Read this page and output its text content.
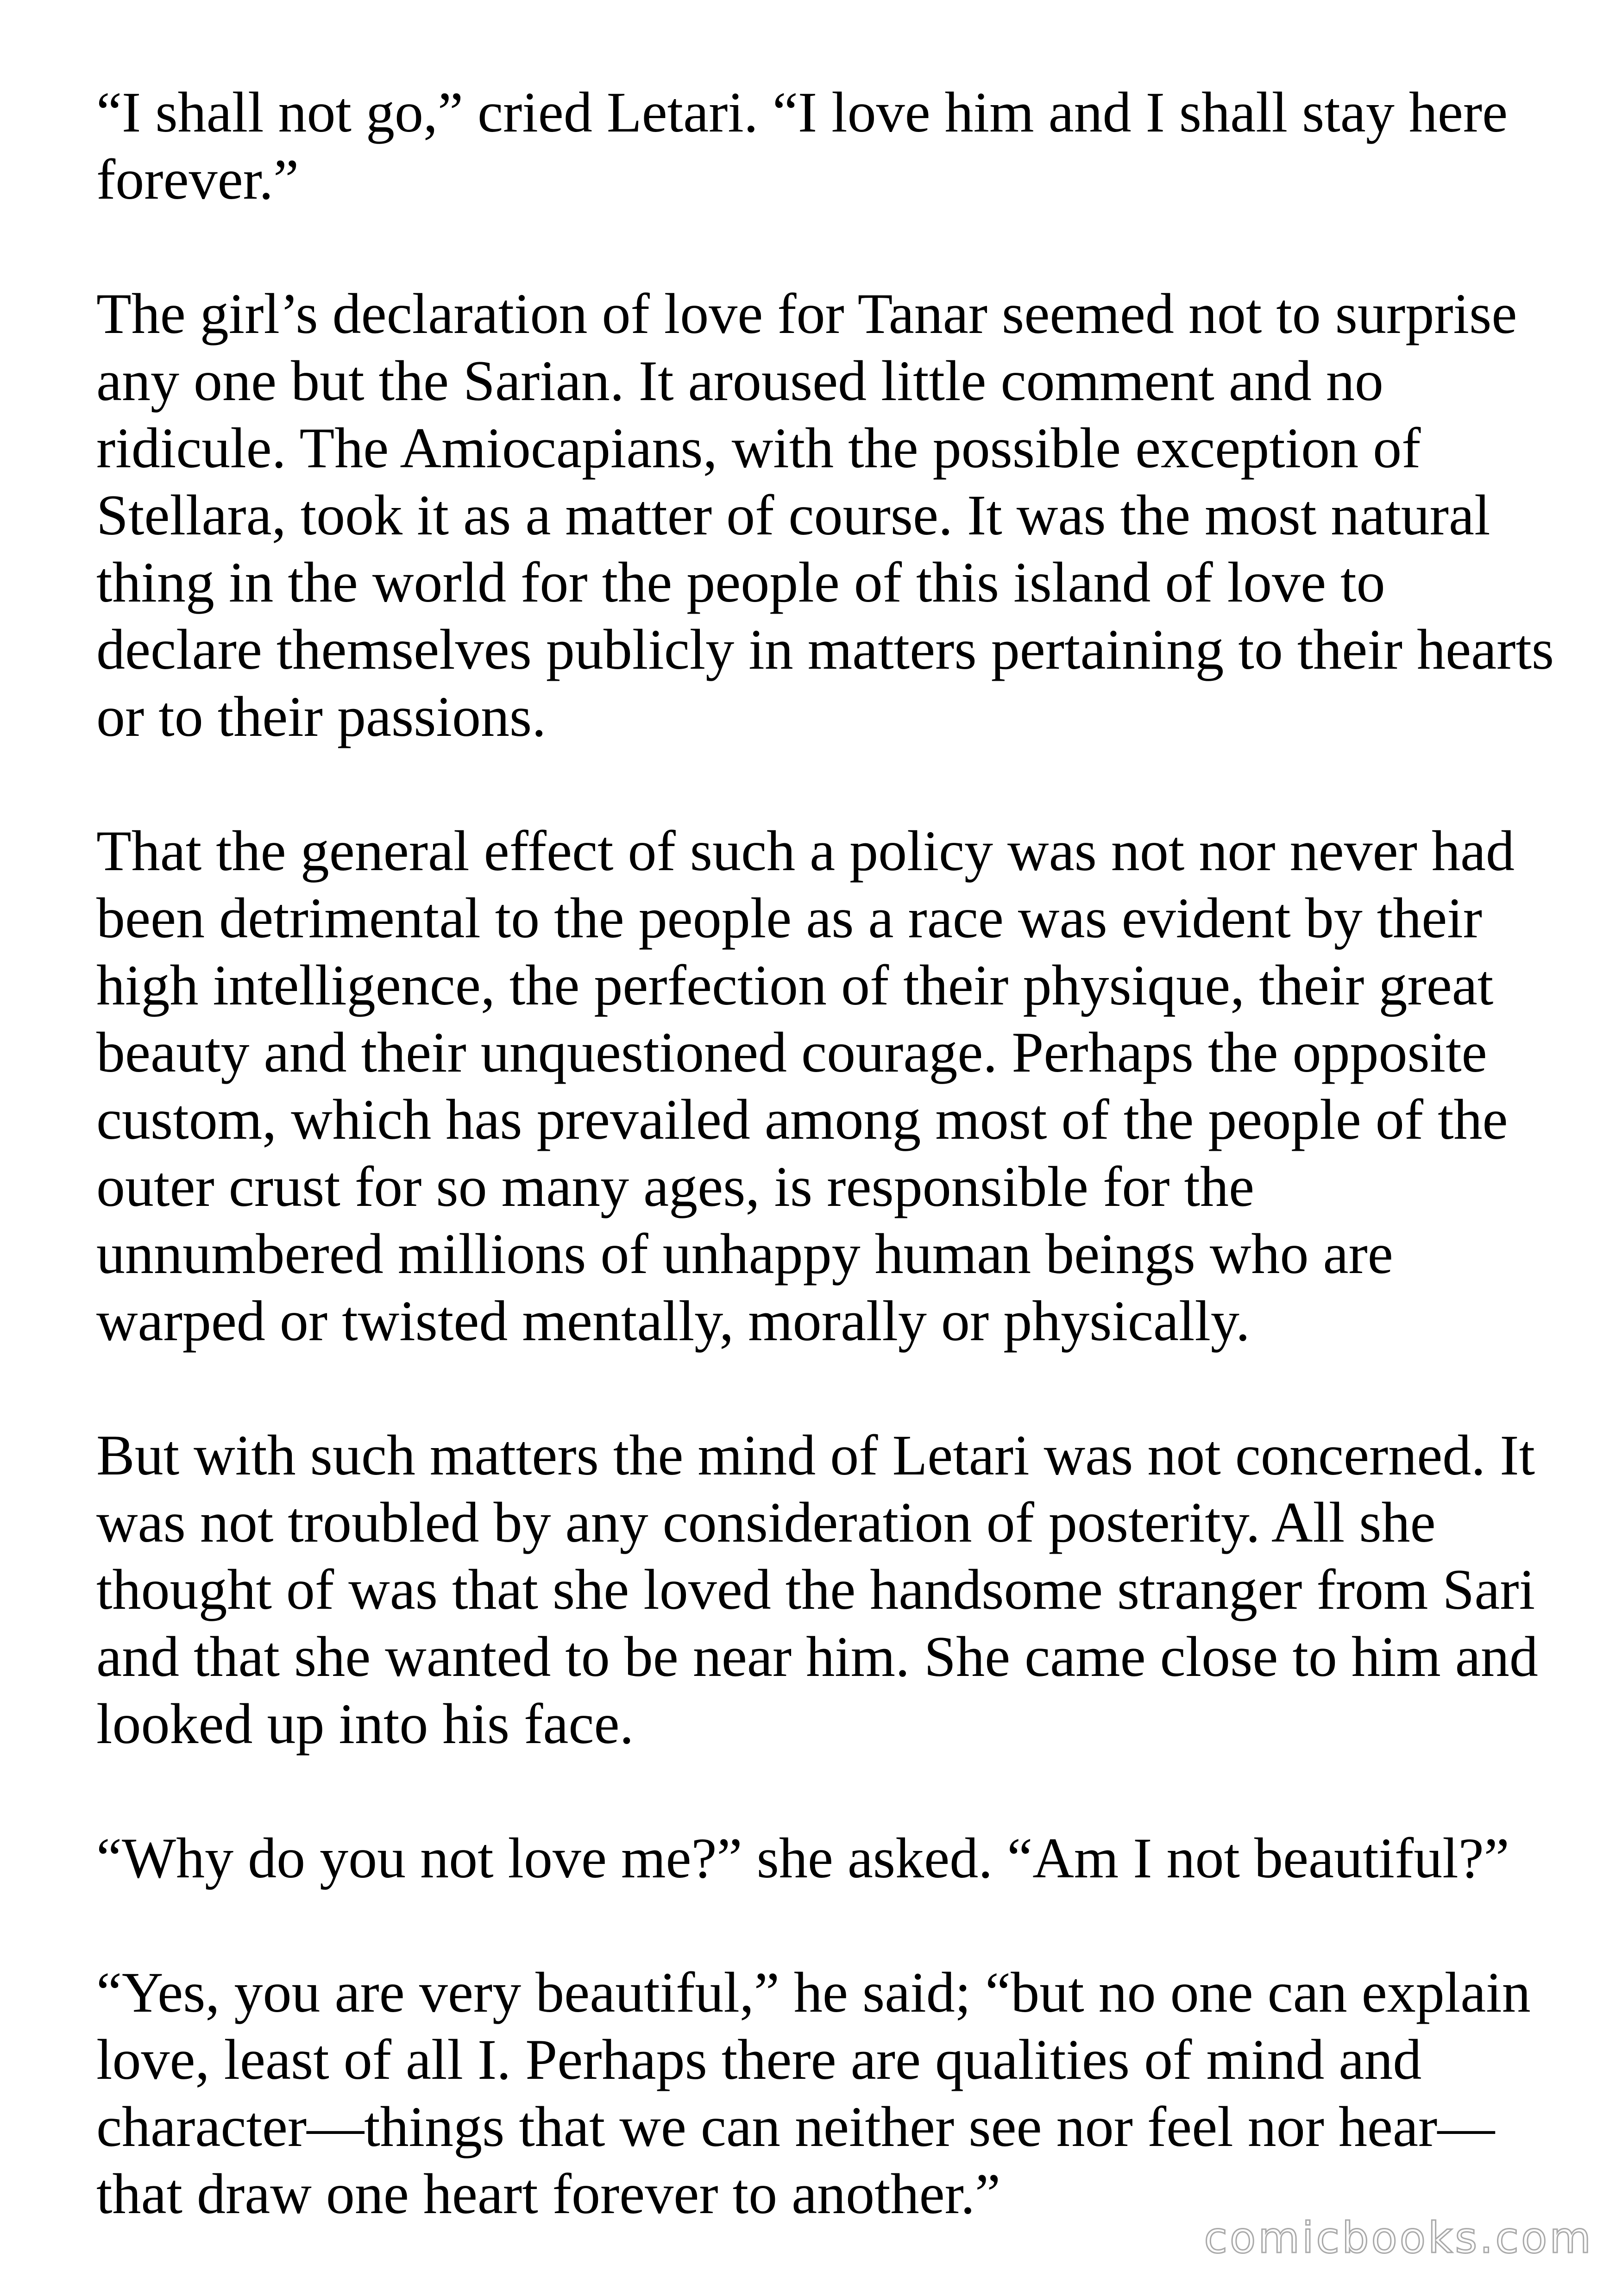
“I shall not go,” cried Letari. “I love him and I shall stay here forever.”

The girl’s declaration of love for Tanar seemed not to surprise any one but the Sarian. It aroused little comment and no ridicule. The Amiocapians, with the possible exception of Stellara, took it as a matter of course. It was the most natural thing in the world for the people of this island of love to declare themselves publicly in matters pertaining to their hearts or to their passions.

That the general effect of such a policy was not nor never had been detrimental to the people as a race was evident by their high intelligence, the perfection of their physique, their great beauty and their unquestioned courage. Perhaps the opposite custom, which has prevailed among most of the people of the outer crust for so many ages, is responsible for the unnumbered millions of unhappy human beings who are warped or twisted mentally, morally or physically.

But with such matters the mind of Letari was not concerned. It was not troubled by any consideration of posterity. All she thought of was that she loved the handsome stranger from Sari and that she wanted to be near him. She came close to him and looked up into his face.

“Why do you not love me?” she asked. “Am I not beautiful?”

“Yes, you are very beautiful,” he said; “but no one can explain love, least of all I. Perhaps there are qualities of mind and character—things that we can neither see nor feel nor hear—that draw one heart forever to another.”

comicbooks.com
